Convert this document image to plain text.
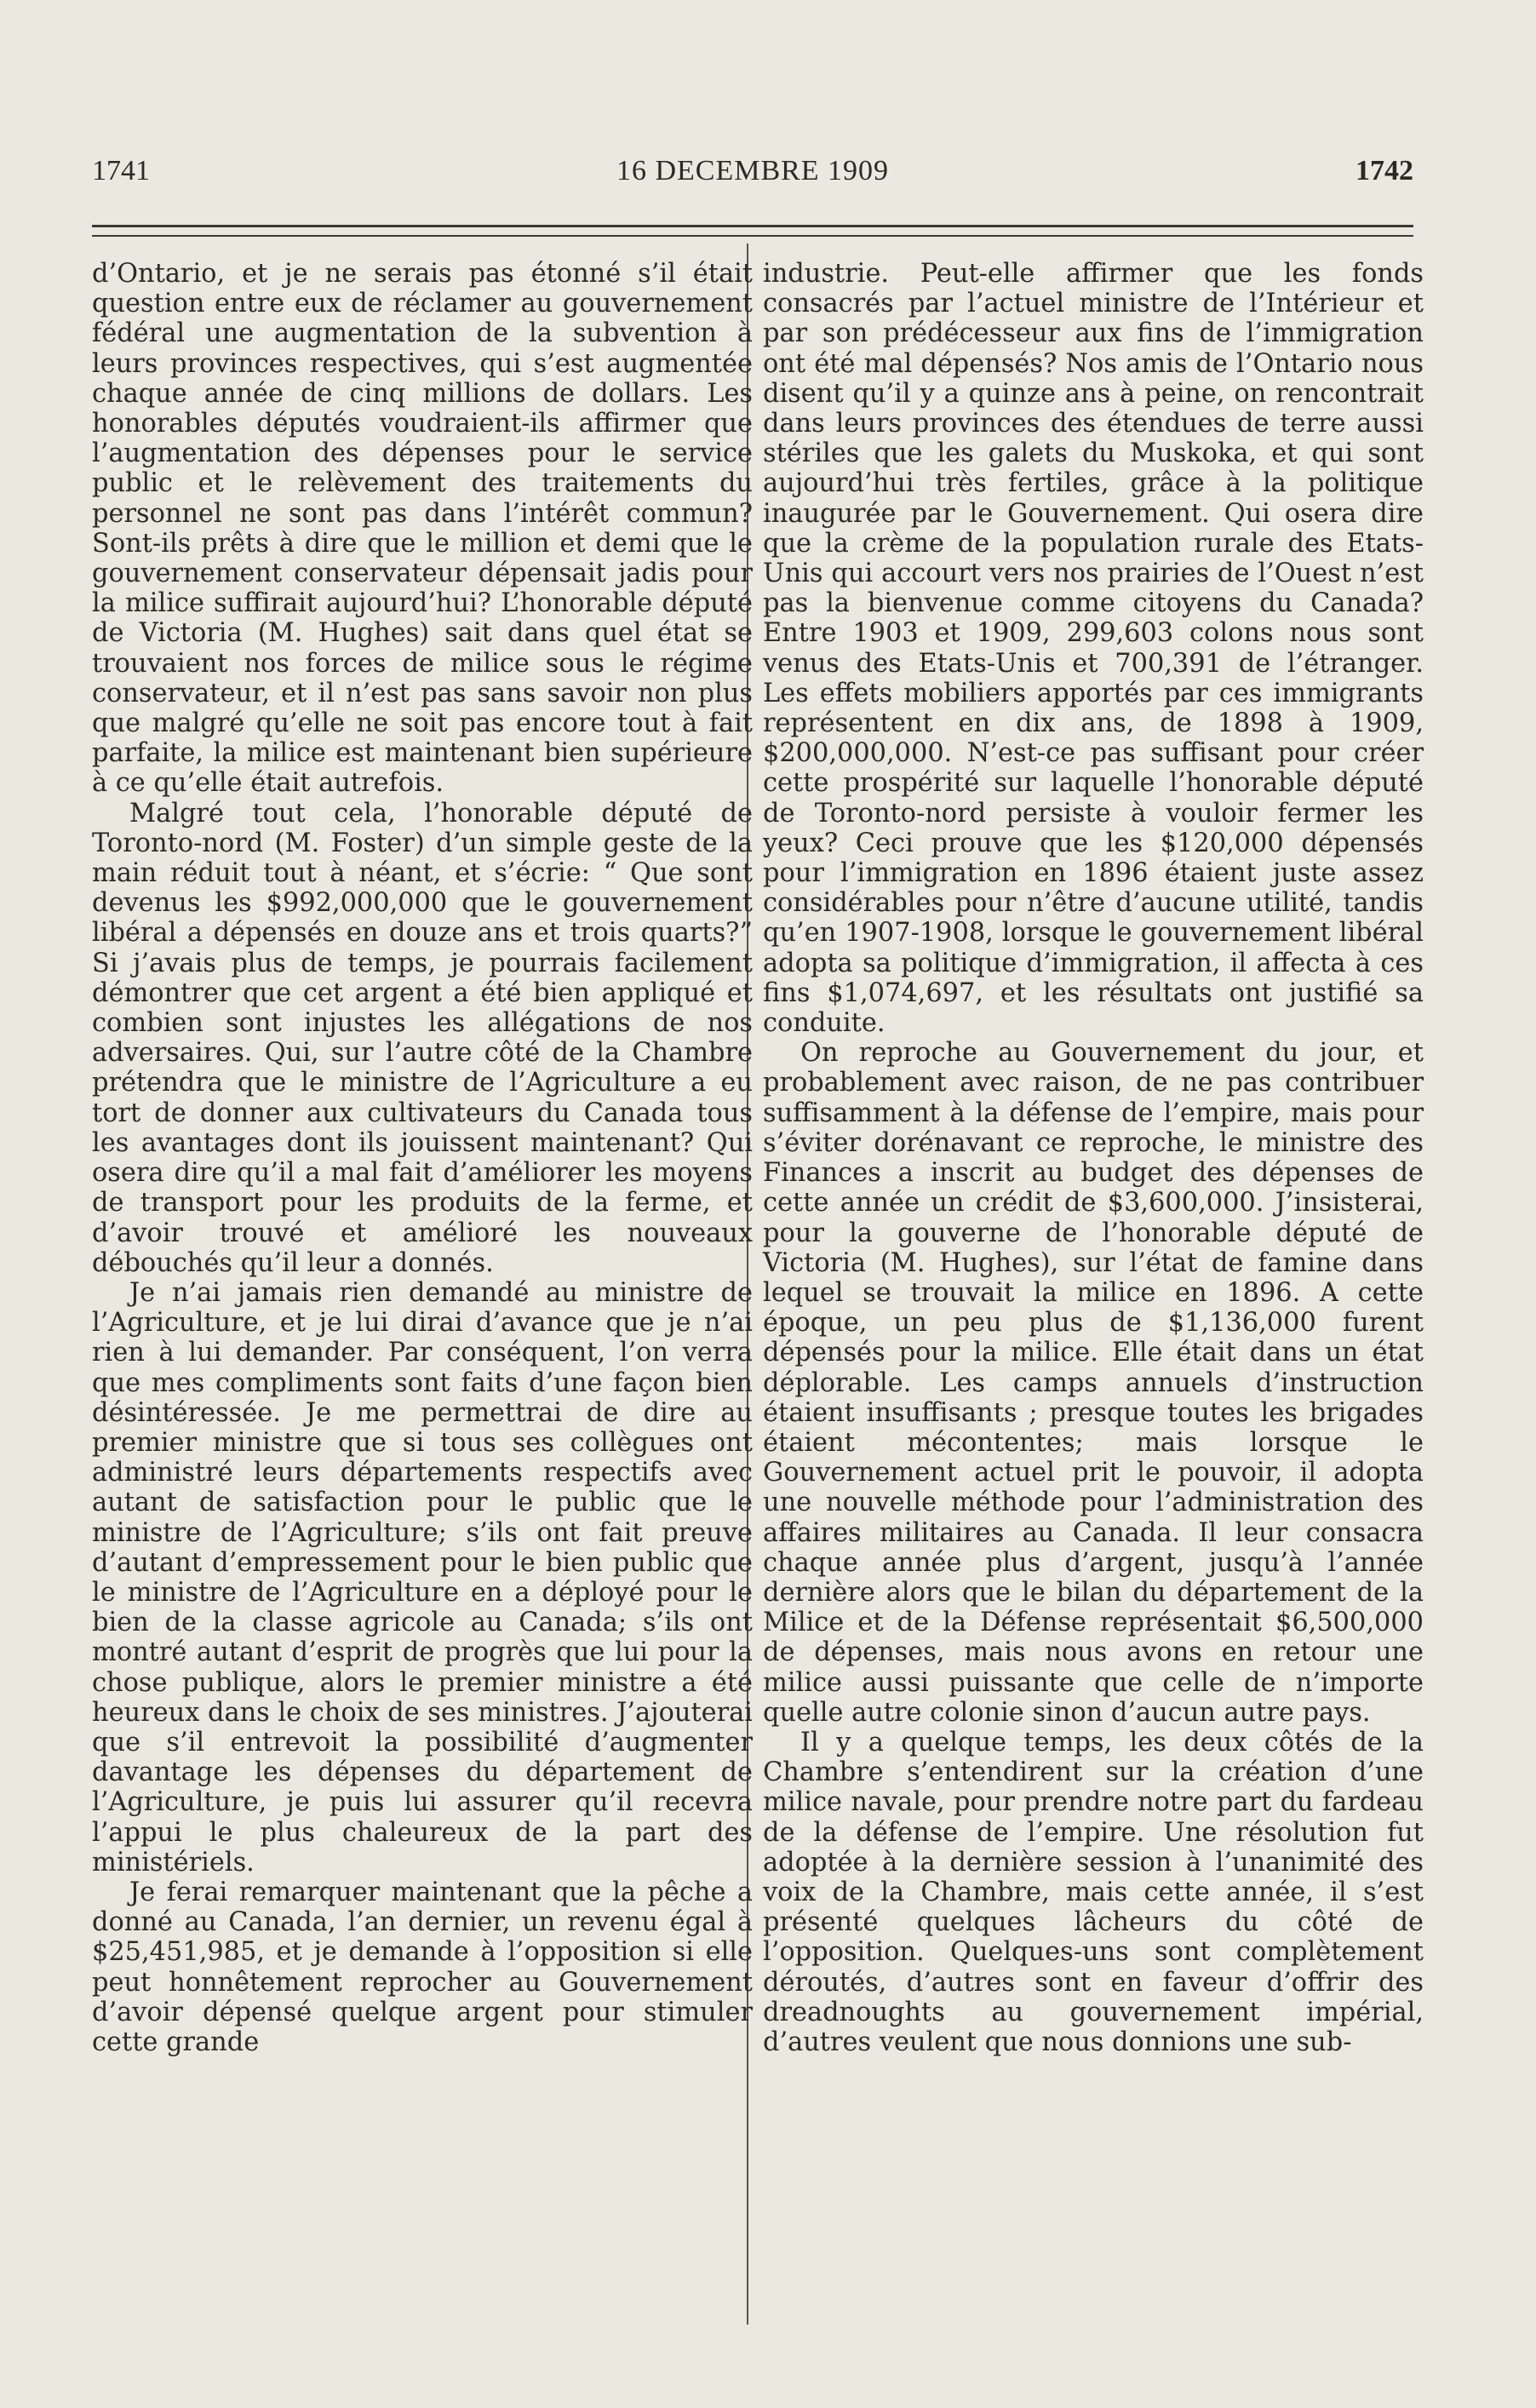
1741	16 DECEMBRE 1909	1742

d’Ontario, et je ne serais pas étonné s’il était question entre eux de réclamer au gouvernement fédéral une augmentation de la subvention à leurs provinces respectives, qui s’est augmentée chaque année de cinq millions de dollars. Les honorables députés voudraient-ils affirmer que l’augmentation des dépenses pour le service public et le relèvement des traitements du personnel ne sont pas dans l’intérêt commun? Sont-ils prêts à dire que le million et demi que le gouvernement conservateur dépensait jadis pour la milice suffirait aujourd’hui? L’honorable député de Victoria (M. Hughes) sait dans quel état se trouvaient nos forces de milice sous le régime conservateur, et il n’est pas sans savoir non plus que malgré qu’elle ne soit pas encore tout à fait parfaite, la milice est maintenant bien supérieure à ce qu’elle était autrefois.

Malgré tout cela, l’honorable député de Toronto-nord (M. Foster) d’un simple geste de la main réduit tout à néant, et s’écrie: “ Que sont devenus les $992,000,000 que le gouvernement libéral a dépensés en douze ans et trois quarts?” Si j’avais plus de temps, je pourrais facilement démontrer que cet argent a été bien appliqué et combien sont injustes les allégations de nos adversaires. Qui, sur l’autre côté de la Chambre prétendra que le ministre de l’Agriculture a eu tort de donner aux cultivateurs du Canada tous les avantages dont ils jouissent maintenant? Qui osera dire qu’il a mal fait d’améliorer les moyens de transport pour les produits de la ferme, et d’avoir trouvé et amélioré les nouveaux débouchés qu’il leur a donnés.

Je n’ai jamais rien demandé au ministre de l’Agriculture, et je lui dirai d’avance que je n’ai rien à lui demander. Par conséquent, l’on verra que mes compliments sont faits d’une façon bien désintéressée. Je me permettrai de dire au premier ministre que si tous ses collègues ont administré leurs départements respectifs avec autant de satisfaction pour le public que le ministre de l’Agriculture; s’ils ont fait preuve d’autant d’empressement pour le bien public que le ministre de l’Agriculture en a déployé pour le bien de la classe agricole au Canada; s’ils ont montré autant d’esprit de progrès que lui pour la chose publique, alors le premier ministre a été heureux dans le choix de ses ministres. J’ajouterai que s’il entrevoit la possibilité d’augmenter davantage les dépenses du département de l’Agriculture, je puis lui assurer qu’il recevra l’appui le plus chaleureux de la part des ministériels.

Je ferai remarquer maintenant que la pêche a donné au Canada, l’an dernier, un revenu égal à $25,451,985, et je demande à l’opposition si elle peut honnêtement reprocher au Gouvernement d’avoir dépensé quelque argent pour stimuler cette grande

industrie. Peut-elle affirmer que les fonds consacrés par l’actuel ministre de l’Intérieur et par son prédécesseur aux fins de l’immigration ont été mal dépensés? Nos amis de l’Ontario nous disent qu’il y a quinze ans à peine, on rencontrait dans leurs provinces des étendues de terre aussi stériles que les galets du Muskoka, et qui sont aujourd’hui très fertiles, grâce à la politique inaugurée par le Gouvernement. Qui osera dire que la crème de la population rurale des Etats-Unis qui accourt vers nos prairies de l’Ouest n’est pas la bienvenue comme citoyens du Canada? Entre 1903 et 1909, 299,603 colons nous sont venus des Etats-Unis et 700,391 de l’étranger. Les effets mobiliers apportés par ces immigrants représentent en dix ans, de 1898 à 1909, $200,000,000. N’est-ce pas suffisant pour créer cette prospérité sur laquelle l’honorable député de Toronto-nord persiste à vouloir fermer les yeux? Ceci prouve que les $120,000 dépensés pour l’immigration en 1896 étaient juste assez considérables pour n’être d’aucune utilité, tandis qu’en 1907-1908, lorsque le gouvernement libéral adopta sa politique d’immigration, il affecta à ces fins $1,074,697, et les résultats ont justifié sa conduite.

On reproche au Gouvernement du jour, et probablement avec raison, de ne pas contribuer suffisamment à la défense de l’empire, mais pour s’éviter dorénavant ce reproche, le ministre des Finances a inscrit au budget des dépenses de cette année un crédit de $3,600,000. J’insisterai, pour la gouverne de l’honorable député de Victoria (M. Hughes), sur l’état de famine dans lequel se trouvait la milice en 1896. A cette époque, un peu plus de $1,136,000 furent dépensés pour la milice. Elle était dans un état déplorable. Les camps annuels d’instruction étaient insuffisants ; presque toutes les brigades étaient mécontentes; mais lorsque le Gouvernement actuel prit le pouvoir, il adopta une nouvelle méthode pour l’administration des affaires militaires au Canada. Il leur consacra chaque année plus d’argent, jusqu’à l’année dernière alors que le bilan du département de la Milice et de la Défense représentait $6,500,000 de dépenses, mais nous avons en retour une milice aussi puissante que celle de n’importe quelle autre colonie sinon d’aucun autre pays.

Il y a quelque temps, les deux côtés de la Chambre s’entendirent sur la création d’une milice navale, pour prendre notre part du fardeau de la défense de l’empire. Une résolution fut adoptée à la dernière session à l’unanimité des voix de la Chambre, mais cette année, il s’est présenté quelques lâcheurs du côté de l’opposition. Quelques-uns sont complètement déroutés, d’autres sont en faveur d’offrir des dreadnoughts au gouvernement impérial, d’autres veulent que nous donnions une sub-
